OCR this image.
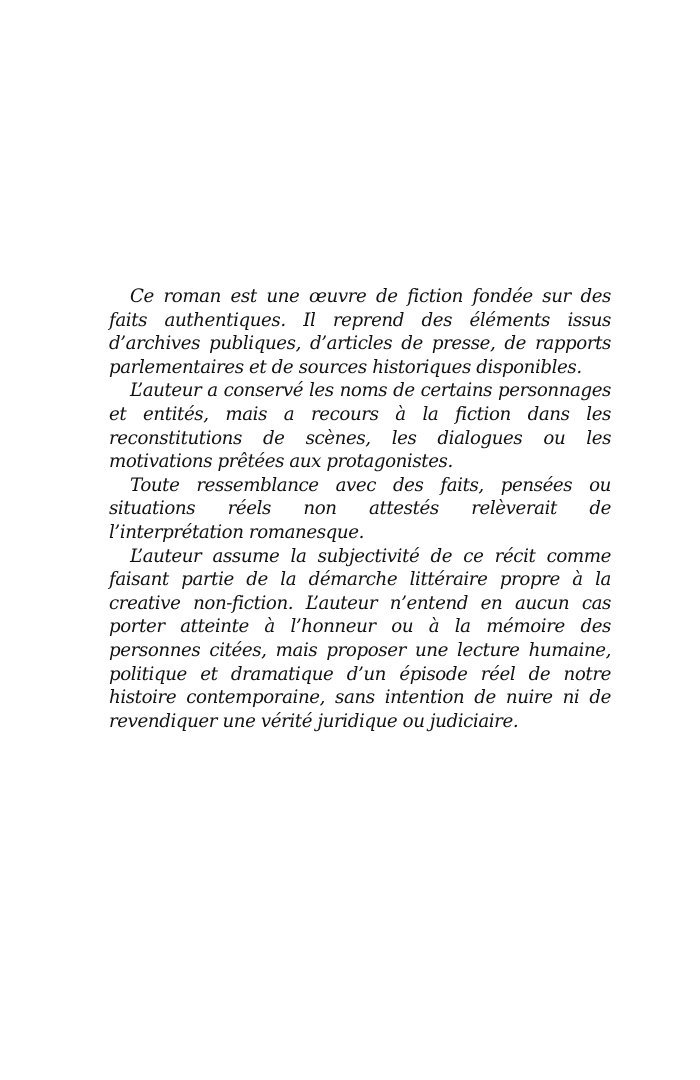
Ce roman est une œuvre de fiction fondée sur des faits authentiques. Il reprend des éléments issus d’archives publiques, d’articles de presse, de rapports parlementaires et de sources historiques disponibles.

L’auteur a conservé les noms de certains personnages et entités, mais a recours à la fiction dans les reconstitutions de scènes, les dialogues ou les motivations prêtées aux protagonistes.

Toute ressemblance avec des faits, pensées ou situations réels non attestés relèverait de l’interprétation romanesque.

L’auteur assume la subjectivité de ce récit comme faisant partie de la démarche littéraire propre à la creative non-fiction. L’auteur n’entend en aucun cas porter atteinte à l’honneur ou à la mémoire des personnes citées, mais proposer une lecture humaine, politique et dramatique d’un épisode réel de notre histoire contemporaine, sans intention de nuire ni de revendiquer une vérité juridique ou judiciaire.
